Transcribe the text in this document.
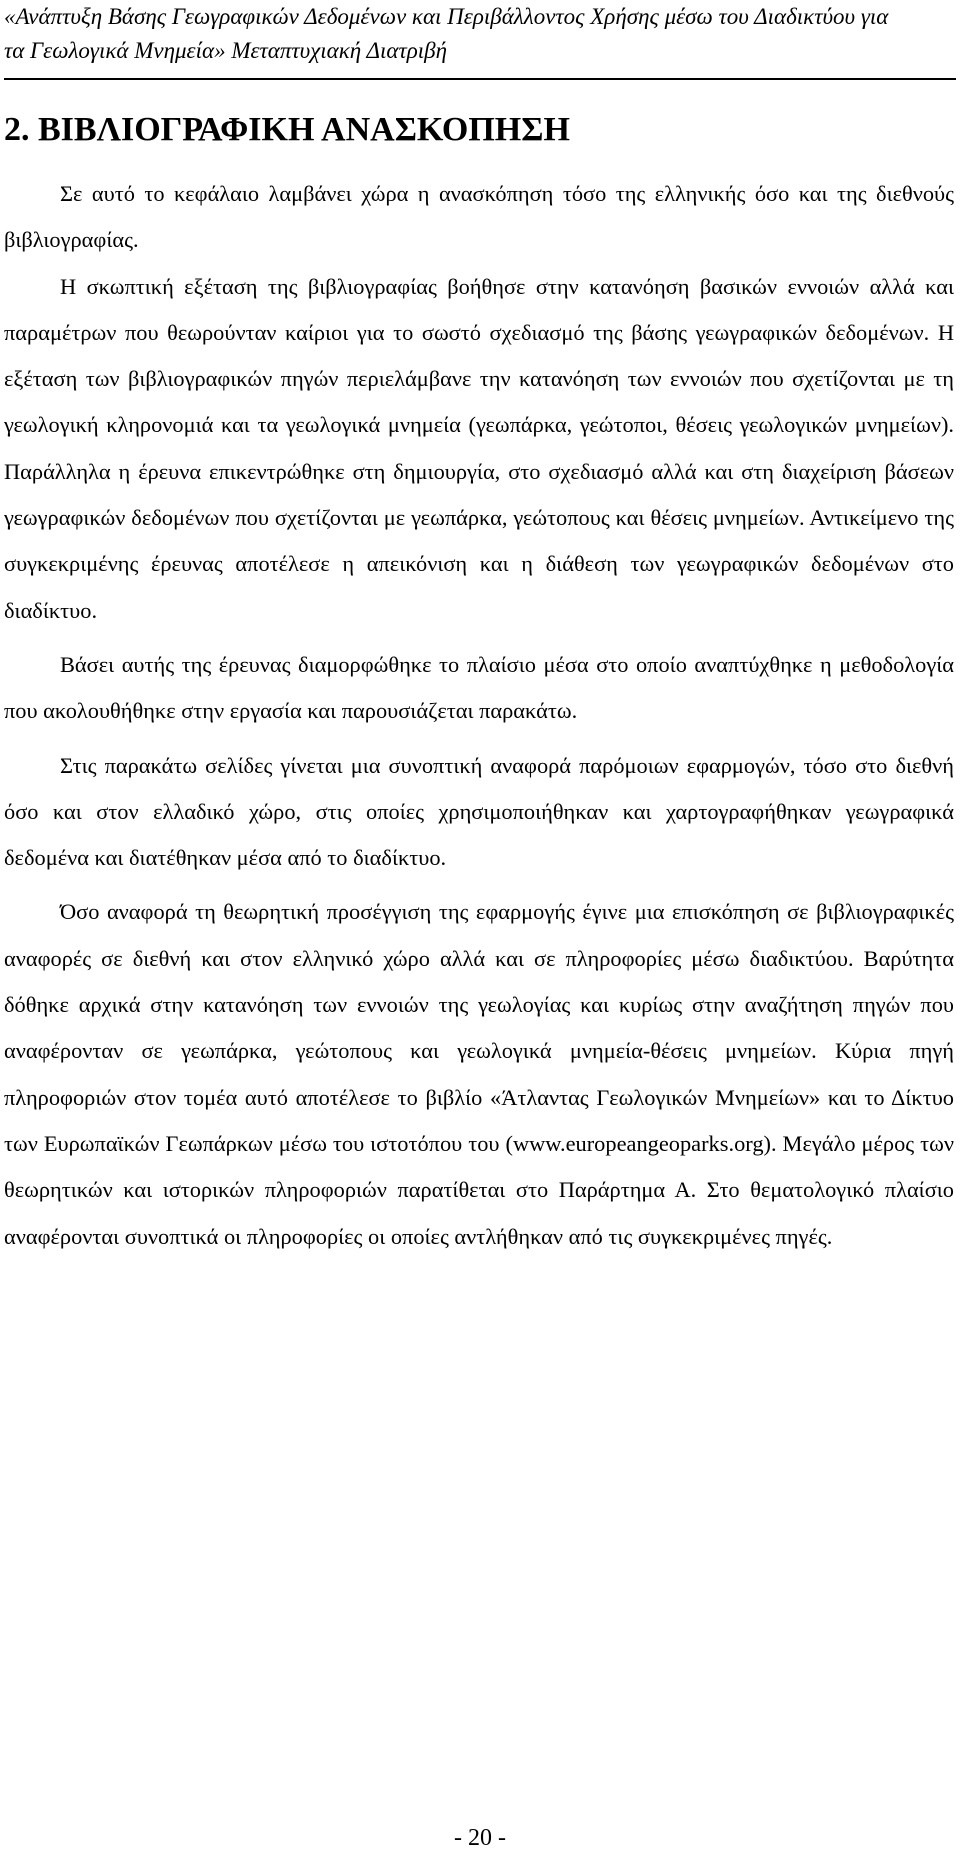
«Ανάπτυξη Βάσης Γεωγραφικών Δεδομένων και Περιβάλλοντος Χρήσης μέσω του Διαδικτύου για
τα Γεωλογικά Μνημεία» Μεταπτυχιακή Διατριβή
2. ΒΙΒΛΙΟΓΡΑΦΙΚΗ ΑΝΑΣΚΟΠΗΣΗ

Σε αυτό το κεφάλαιο λαμβάνει χώρα η ανασκόπηση τόσο της ελληνικής όσο και της διεθνούς βιβλιογραφίας.

Η σκωπτική εξέταση της βιβλιογραφίας βοήθησε στην κατανόηση βασικών εννοιών αλλά και παραμέτρων που θεωρούνταν καίριοι για το σωστό σχεδιασμό της βάσης γεωγραφικών δεδομένων. Η εξέταση των βιβλιογραφικών πηγών περιελάμβανε την κατανόηση των εννοιών που σχετίζονται με τη γεωλογική κληρονομιά και τα γεωλογικά μνημεία (γεωπάρκα, γεώτοποι, θέσεις γεωλογικών μνημείων). Παράλληλα η έρευνα επικεντρώθηκε στη δημιουργία, στο σχεδιασμό αλλά και στη διαχείριση βάσεων γεωγραφικών δεδομένων που σχετίζονται με γεωπάρκα, γεώτοπους και θέσεις μνημείων. Αντικείμενο της συγκεκριμένης έρευνας αποτέλεσε η απεικόνιση και η διάθεση των γεωγραφικών δεδομένων στο διαδίκτυο.

Βάσει αυτής της έρευνας διαμορφώθηκε το πλαίσιο μέσα στο οποίο αναπτύχθηκε η μεθοδολογία που ακολουθήθηκε στην εργασία και παρουσιάζεται παρακάτω.

Στις παρακάτω σελίδες γίνεται μια συνοπτική αναφορά παρόμοιων εφαρμογών, τόσο στο διεθνή όσο και στον ελλαδικό χώρο, στις οποίες χρησιμοποιήθηκαν και χαρτογραφήθηκαν γεωγραφικά δεδομένα και διατέθηκαν μέσα από το διαδίκτυο.

Όσο αναφορά τη θεωρητική προσέγγιση της εφαρμογής έγινε μια επισκόπηση σε βιβλιογραφικές αναφορές σε διεθνή και στον ελληνικό χώρο αλλά και σε πληροφορίες μέσω διαδικτύου. Βαρύτητα δόθηκε αρχικά στην κατανόηση των εννοιών της γεωλογίας και κυρίως στην αναζήτηση πηγών που αναφέρονταν σε γεωπάρκα, γεώτοπους και γεωλογικά μνημεία-θέσεις μνημείων. Κύρια πηγή πληροφοριών στον τομέα αυτό αποτέλεσε το βιβλίο «Άτλαντας Γεωλογικών Μνημείων» και το Δίκτυο των Ευρωπαϊκών Γεωπάρκων μέσω του ιστοτόπου του (www.europeangeoparks.org). Μεγάλο μέρος των θεωρητικών και ιστορικών πληροφοριών παρατίθεται στο Παράρτημα Α. Στο θεματολογικό πλαίσιο αναφέρονται συνοπτικά οι πληροφορίες οι οποίες αντλήθηκαν από τις συγκεκριμένες πηγές.

- 20 -
